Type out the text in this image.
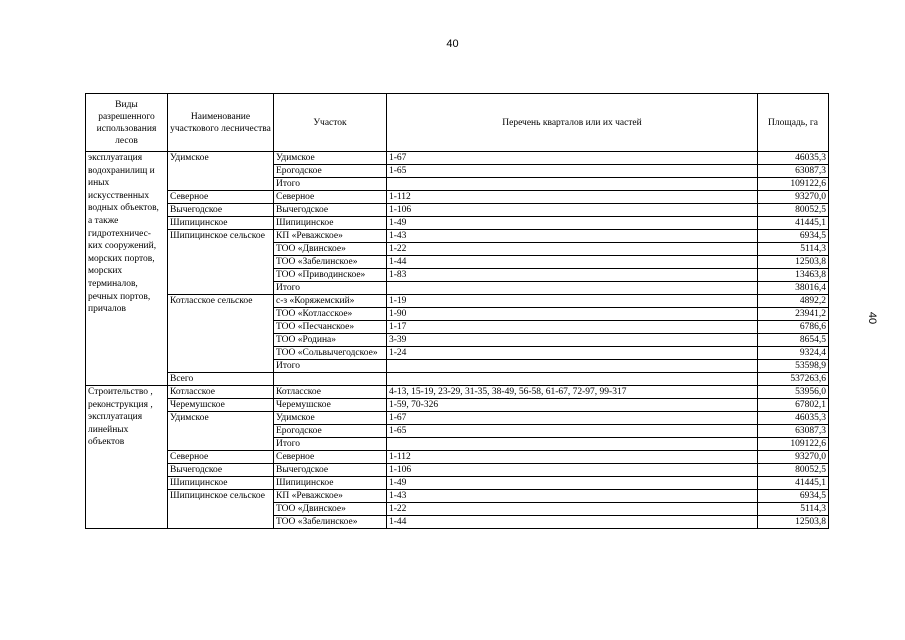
40
40
Виды разрешенного использования лесов	Наименование участкового лесничества	Участок	Перечень кварталов или их частей	Площадь, га
эксплуатация водохранилищ и иных искусственных водных объектов, а также гидротехничес-ких сооружений, морских портов, морских терминалов, речных портов, причалов	Удимское	Удимское	1-67	46035,3
		Ерогодское	1-65	63087,3
		Итого		109122,6
	Северное	Северное	1-112	93270,0
	Вычегодское	Вычегодское	1-106	80052,5
	Шипицинское	Шипицинское	1-49	41445,1
	Шипицинское сельское	КП «Реважское»	1-43	6934,5
		ТОО «Двинское»	1-22	5114,3
		ТОО «Забелинское»	1-44	12503,8
		ТОО «Приводинское»	1-83	13463,8
		Итого		38016,4
	Котласское сельское	с-з «Коряжемский»	1-19	4892,2
		ТОО «Котласское»	1-90	23941,2
		ТОО «Песчанское»	1-17	6786,6
		ТОО «Родина»	3-39	8654,5
		ТОО «Сольвычегодское»	1-24	9324,4
		Итого		53598,9
	Всего			537263,6
Строительство , реконструкция , эксплуатация линейных объектов	Котласское	Котласское	4-13, 15-19, 23-29, 31-35, 38-49, 56-58, 61-67, 72-97, 99-317	53956,0
	Черемушское	Черемушское	1-59, 70-326	67802,1
	Удимское	Удимское	1-67	46035,3
		Ерогодское	1-65	63087,3
		Итого		109122,6
	Северное	Северное	1-112	93270,0
	Вычегодское	Вычегодское	1-106	80052,5
	Шипицинское	Шипицинское	1-49	41445,1
	Шипицинское сельское	КП «Реважское»	1-43	6934,5
		ТОО «Двинское»	1-22	5114,3
		ТОО «Забелинское»	1-44	12503,8
